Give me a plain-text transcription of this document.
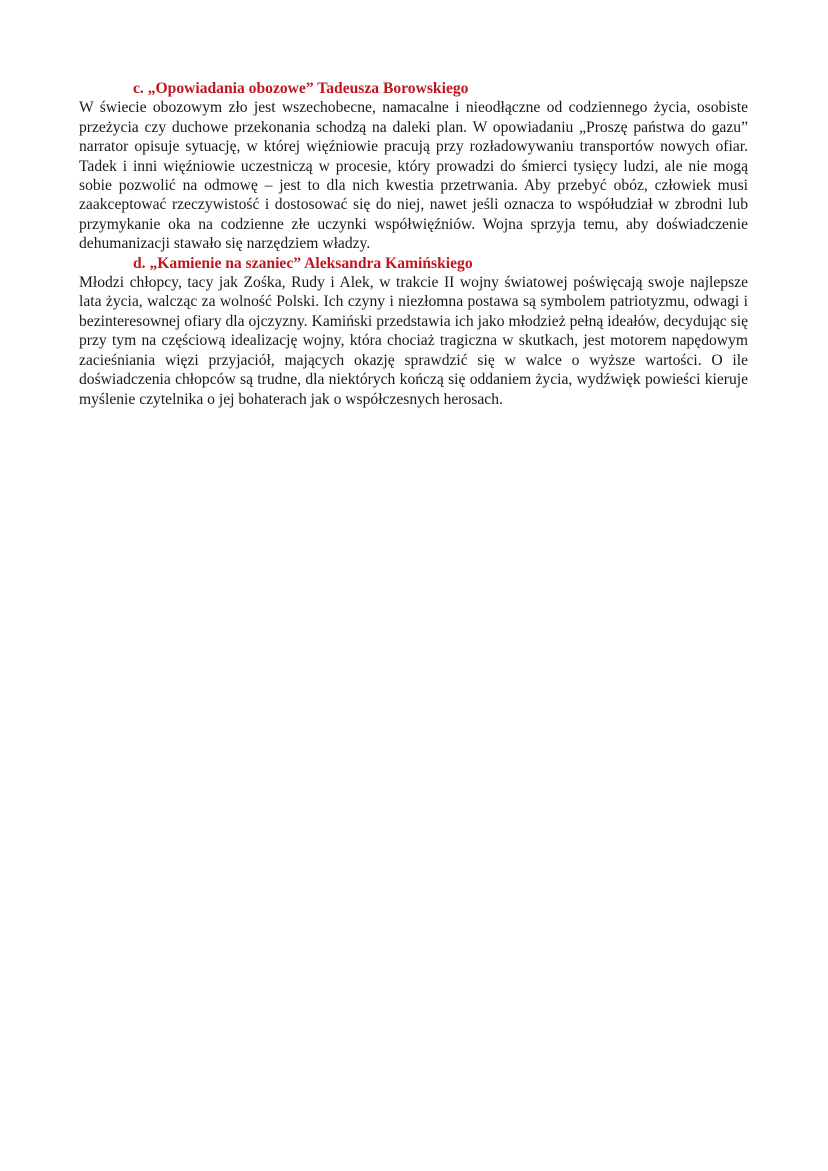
c. „Opowiadania obozowe” Tadeusza Borowskiego

W świecie obozowym zło jest wszechobecne, namacalne i nieodłączne od codziennego życia, osobiste przeżycia czy duchowe przekonania schodzą na daleki plan. W opowiadaniu „Proszę państwa do gazu” narrator opisuje sytuację, w której więźniowie pracują przy rozładowywaniu transportów nowych ofiar. Tadek i inni więźniowie uczestniczą w procesie, który prowadzi do śmierci tysięcy ludzi, ale nie mogą sobie pozwolić na odmowę – jest to dla nich kwestia przetrwania. Aby przebyć obóz, człowiek musi zaakceptować rzeczywistość i dostosować się do niej, nawet jeśli oznacza to współudział w zbrodni lub przymykanie oka na codzienne złe uczynki współwięźniów. Wojna sprzyja temu, aby doświadczenie dehumanizacji stawało się narzędziem władzy.

d. „Kamienie na szaniec” Aleksandra Kamińskiego

Młodzi chłopcy, tacy jak Zośka, Rudy i Alek, w trakcie II wojny światowej poświęcają swoje najlepsze lata życia, walcząc za wolność Polski. Ich czyny i niezłomna postawa są symbolem patriotyzmu, odwagi i bezinteresownej ofiary dla ojczyzny. Kamiński przedstawia ich jako młodzież pełną ideałów, decydując się przy tym na częściową idealizację wojny, która chociaż tragiczna w skutkach, jest motorem napędowym zacieśniania więzi przyjaciół, mających okazję sprawdzić się w walce o wyższe wartości. O ile doświadczenia chłopców są trudne, dla niektórych kończą się oddaniem życia, wydźwięk powieści kieruje myślenie czytelnika o jej bohaterach jak o współczesnych herosach.
